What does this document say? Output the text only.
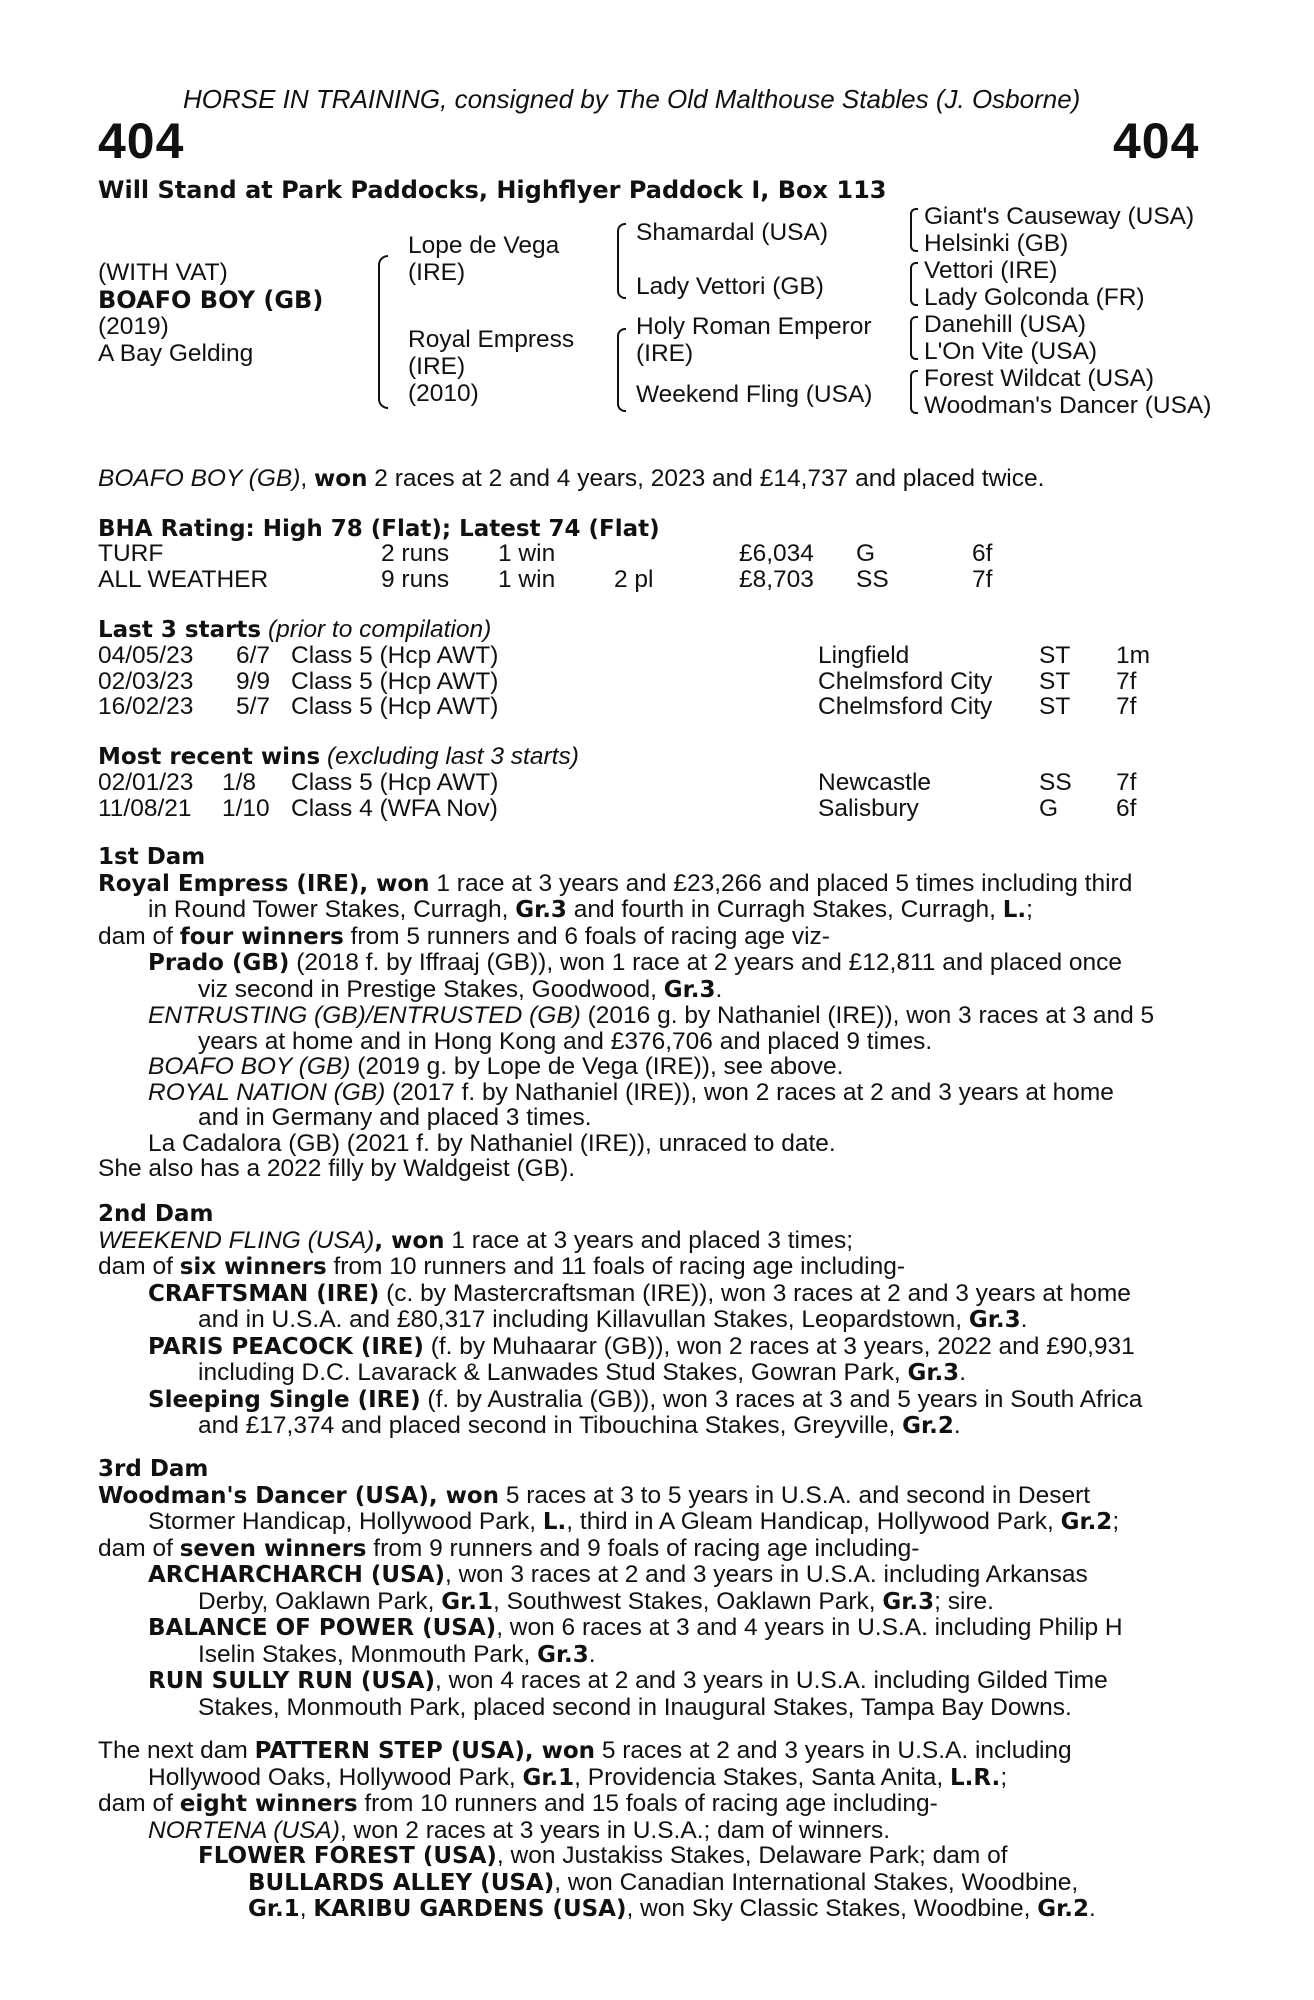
HORSE IN TRAINING, consigned by The Old Malthouse Stables (J. Osborne)
404	404
Will Stand at Park Paddocks, Highflyer Paddock I, Box 113
(WITH VAT)
BOAFO BOY (GB)
(2019)
A Bay Gelding
Lope de Vega
(IRE)
Royal Empress
(IRE)
(2010)
Shamardal (USA)
Lady Vettori (GB)
Holy Roman Emperor
(IRE)
Weekend Fling (USA)
Giant's Causeway (USA)
Helsinki (GB)
Vettori (IRE)
Lady Golconda (FR)
Danehill (USA)
L'On Vite (USA)
Forest Wildcat (USA)
Woodman's Dancer (USA)
BOAFO BOY (GB), won 2 races at 2 and 4 years, 2023 and £14,737 and placed twice.
BHA Rating: High 78 (Flat); Latest 74 (Flat)
TURF	2 runs 1 win	£6,034 G	6f
ALL WEATHER	9 runs 1 win 2 pl	£8,703 SS	7f
Last 3 starts (prior to compilation)
04/05/23 6/7 Class 5 (Hcp AWT)	Lingfield	ST 1m
02/03/23 9/9 Class 5 (Hcp AWT)	Chelmsford City ST 7f
16/02/23 5/7 Class 5 (Hcp AWT)	Chelmsford City ST 7f
Most recent wins (excluding last 3 starts)
02/01/23 1/8 Class 5 (Hcp AWT)	Newcastle	SS 7f
11/08/21 1/10 Class 4 (WFA Nov)	Salisbury	G 6f
1st Dam
Royal Empress (IRE), won 1 race at 3 years and £23,266 and placed 5 times including third
in Round Tower Stakes, Curragh, Gr.3 and fourth in Curragh Stakes, Curragh, L.;
dam of four winners from 5 runners and 6 foals of racing age viz-
Prado (GB) (2018 f. by Iffraaj (GB)), won 1 race at 2 years and £12,811 and placed once
viz second in Prestige Stakes, Goodwood, Gr.3.
ENTRUSTING (GB)/ENTRUSTED (GB) (2016 g. by Nathaniel (IRE)), won 3 races at 3 and 5
years at home and in Hong Kong and £376,706 and placed 9 times.
BOAFO BOY (GB) (2019 g. by Lope de Vega (IRE)), see above.
ROYAL NATION (GB) (2017 f. by Nathaniel (IRE)), won 2 races at 2 and 3 years at home
and in Germany and placed 3 times.
La Cadalora (GB) (2021 f. by Nathaniel (IRE)), unraced to date.
She also has a 2022 filly by Waldgeist (GB).
2nd Dam
WEEKEND FLING (USA), won 1 race at 3 years and placed 3 times;
dam of six winners from 10 runners and 11 foals of racing age including-
CRAFTSMAN (IRE) (c. by Mastercraftsman (IRE)), won 3 races at 2 and 3 years at home
and in U.S.A. and £80,317 including Killavullan Stakes, Leopardstown, Gr.3.
PARIS PEACOCK (IRE) (f. by Muhaarar (GB)), won 2 races at 3 years, 2022 and £90,931
including D.C. Lavarack & Lanwades Stud Stakes, Gowran Park, Gr.3.
Sleeping Single (IRE) (f. by Australia (GB)), won 3 races at 3 and 5 years in South Africa
and £17,374 and placed second in Tibouchina Stakes, Greyville, Gr.2.
3rd Dam
Woodman's Dancer (USA), won 5 races at 3 to 5 years in U.S.A. and second in Desert
Stormer Handicap, Hollywood Park, L., third in A Gleam Handicap, Hollywood Park, Gr.2;
dam of seven winners from 9 runners and 9 foals of racing age including-
ARCHARCHARCH (USA), won 3 races at 2 and 3 years in U.S.A. including Arkansas
Derby, Oaklawn Park, Gr.1, Southwest Stakes, Oaklawn Park, Gr.3; sire.
BALANCE OF POWER (USA), won 6 races at 3 and 4 years in U.S.A. including Philip H
Iselin Stakes, Monmouth Park, Gr.3.
RUN SULLY RUN (USA), won 4 races at 2 and 3 years in U.S.A. including Gilded Time
Stakes, Monmouth Park, placed second in Inaugural Stakes, Tampa Bay Downs.
The next dam PATTERN STEP (USA), won 5 races at 2 and 3 years in U.S.A. including
Hollywood Oaks, Hollywood Park, Gr.1, Providencia Stakes, Santa Anita, L.R.;
dam of eight winners from 10 runners and 15 foals of racing age including-
NORTENA (USA), won 2 races at 3 years in U.S.A.; dam of winners.
FLOWER FOREST (USA), won Justakiss Stakes, Delaware Park; dam of
BULLARDS ALLEY (USA), won Canadian International Stakes, Woodbine,
Gr.1, KARIBU GARDENS (USA), won Sky Classic Stakes, Woodbine, Gr.2.
